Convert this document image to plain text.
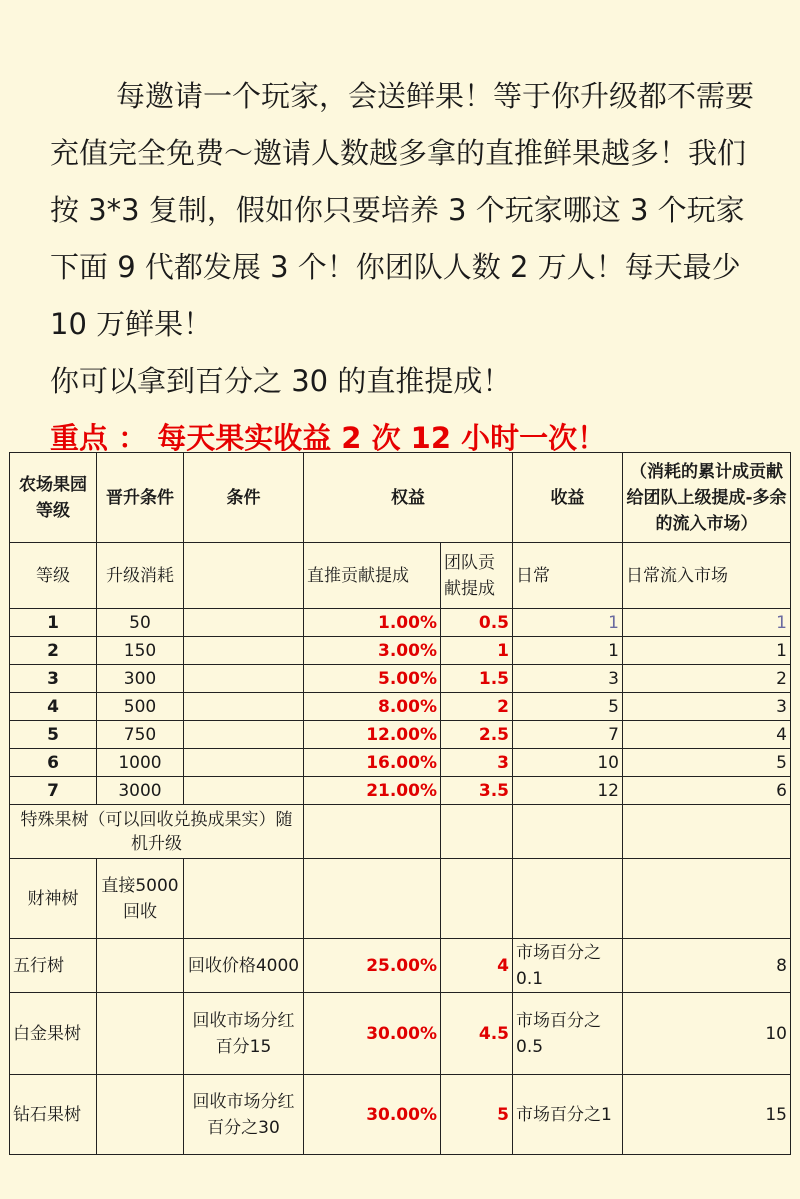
每邀请一个玩家，会送鲜果！等于你升级都不需要充值完全免费～邀请人数越多拿的直推鲜果越多！我们按 3*3 复制，假如你只要培养 3 个玩家哪这 3 个玩家下面 9 代都发展 3 个！你团队人数 2 万人！每天最少 10 万鲜果！

你可以拿到百分之 30 的直推提成！

重点 ： 每天果实收益 2 次 12 小时一次！

农场果园等级	晋升条件	条件	权益		收益	（消耗的累计成贡献给团队上级提成-多余的流入市场）
等级	升级消耗		直推贡献提成	团队贡献提成	日常	日常流入市场
1	50		1.00%	0.5	1	1
2	150		3.00%	1	1	1
3	300		5.00%	1.5	3	2
4	500		8.00%	2	5	3
5	750		12.00%	2.5	7	4
6	1000		16.00%	3	10	5
7	3000		21.00%	3.5	12	6
特殊果树（可以回收兑换成果实）随机升级						
财神树	直接5000回收					
五行树		回收价格4000	25.00%	4	市场百分之0.1	8
白金果树		回收市场分红百分15	30.00%	4.5	市场百分之0.5	10
钻石果树		回收市场分红百分之30	30.00%	5	市场百分之1	15
